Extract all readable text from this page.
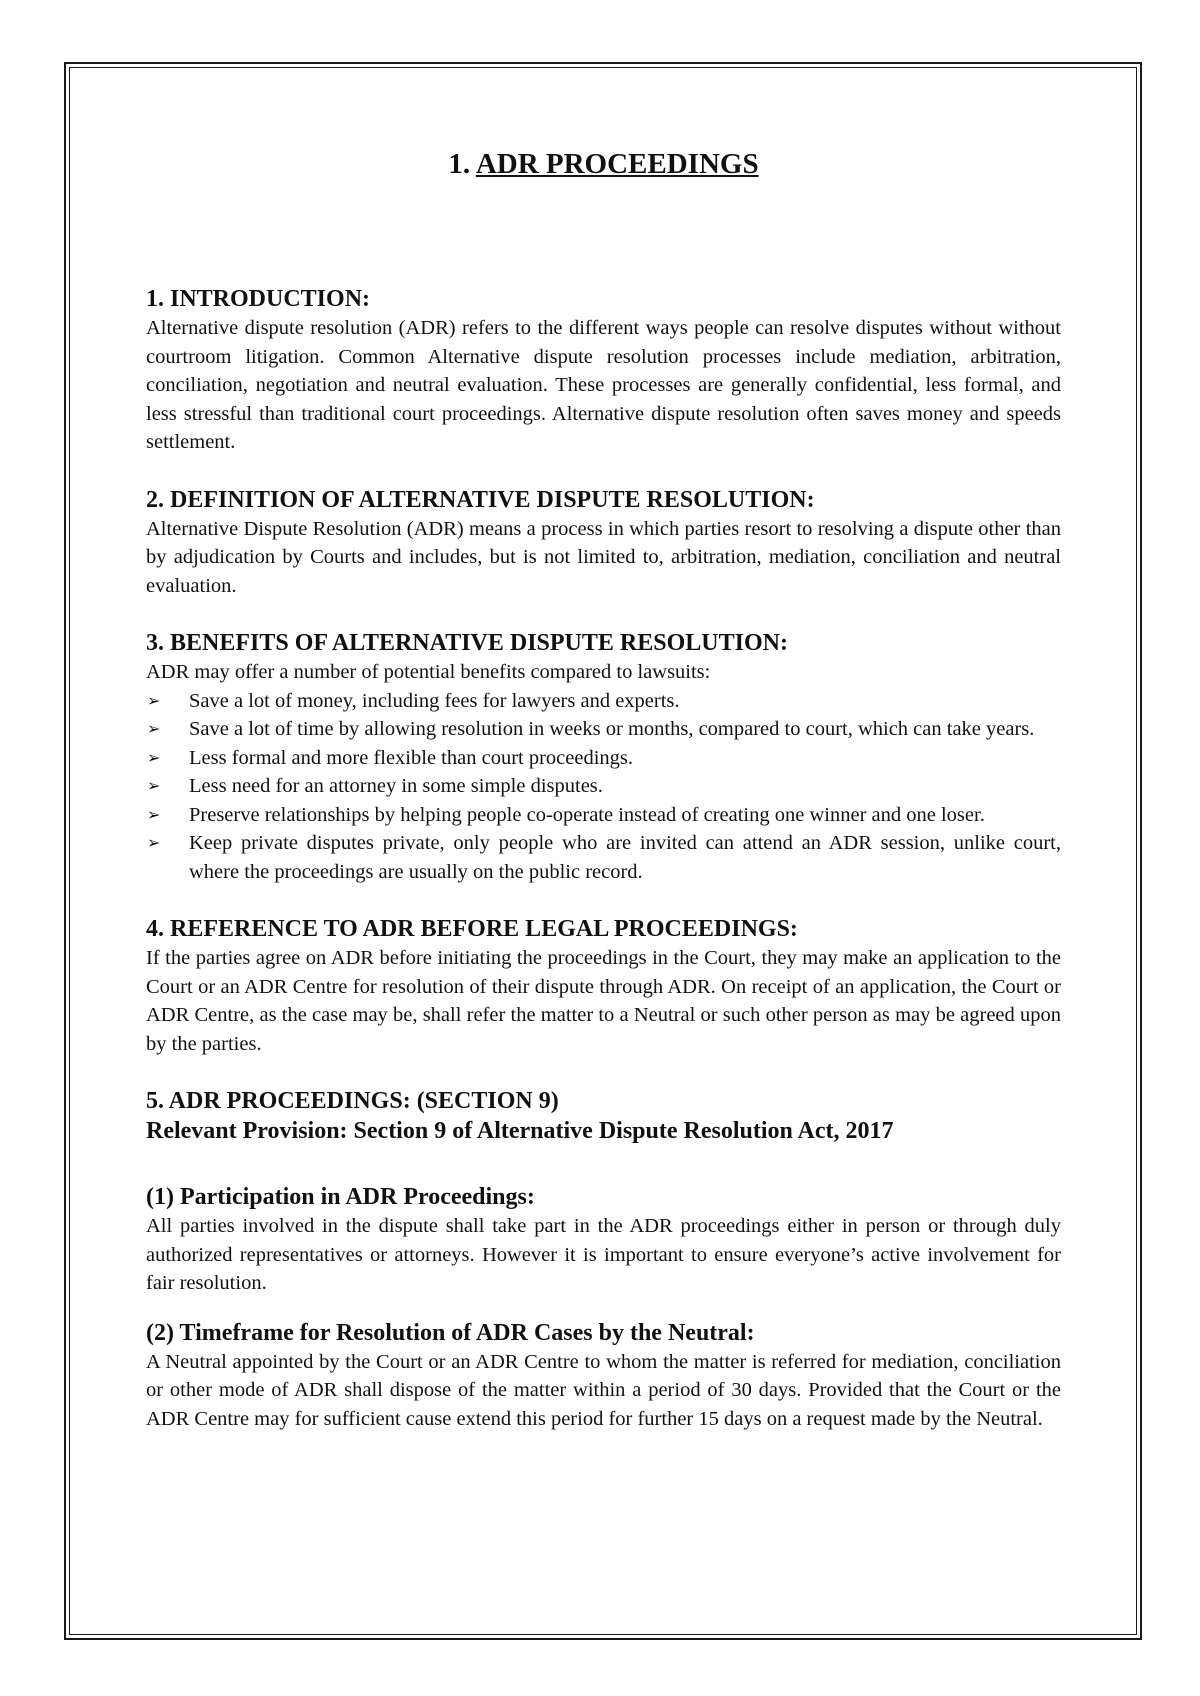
1. ADR PROCEEDINGS
1. INTRODUCTION:

Alternative dispute resolution (ADR) refers to the different ways people can resolve disputes without without courtroom litigation. Common Alternative dispute resolution processes include mediation, arbitration, conciliation, negotiation and neutral evaluation. These processes are generally confidential, less formal, and less stressful than traditional court proceedings. Alternative dispute resolution often saves money and speeds settlement.

2. DEFINITION OF ALTERNATIVE DISPUTE RESOLUTION:

Alternative Dispute Resolution (ADR) means a process in which parties resort to resolving a dispute other than by adjudication by Courts and includes, but is not limited to, arbitration, mediation, conciliation and neutral evaluation.

3. BENEFITS OF ALTERNATIVE DISPUTE RESOLUTION:

ADR may offer a number of potential benefits compared to lawsuits:

➢ Save a lot of money, including fees for lawyers and experts.
➢ Save a lot of time by allowing resolution in weeks or months, compared to court, which can take years.
➢ Less formal and more flexible than court proceedings.
➢ Less need for an attorney in some simple disputes.
➢ Preserve relationships by helping people co-operate instead of creating one winner and one loser.
➢ Keep private disputes private, only people who are invited can attend an ADR session, unlike court, where the proceedings are usually on the public record.
4. REFERENCE TO ADR BEFORE LEGAL PROCEEDINGS:

If the parties agree on ADR before initiating the proceedings in the Court, they may make an application to the Court or an ADR Centre for resolution of their dispute through ADR. On receipt of an application, the Court or ADR Centre, as the case may be, shall refer the matter to a Neutral or such other person as may be agreed upon by the parties.

5. ADR PROCEEDINGS: (SECTION 9)

Relevant Provision: Section 9 of Alternative Dispute Resolution Act, 2017

(1) Participation in ADR Proceedings:

All parties involved in the dispute shall take part in the ADR proceedings either in person or through duly authorized representatives or attorneys. However it is important to ensure everyone’s active involvement for fair resolution.

(2) Timeframe for Resolution of ADR Cases by the Neutral:

A Neutral appointed by the Court or an ADR Centre to whom the matter is referred for mediation, conciliation or other mode of ADR shall dispose of the matter within a period of 30 days. Provided that the Court or the ADR Centre may for sufficient cause extend this period for further 15 days on a request made by the Neutral.
